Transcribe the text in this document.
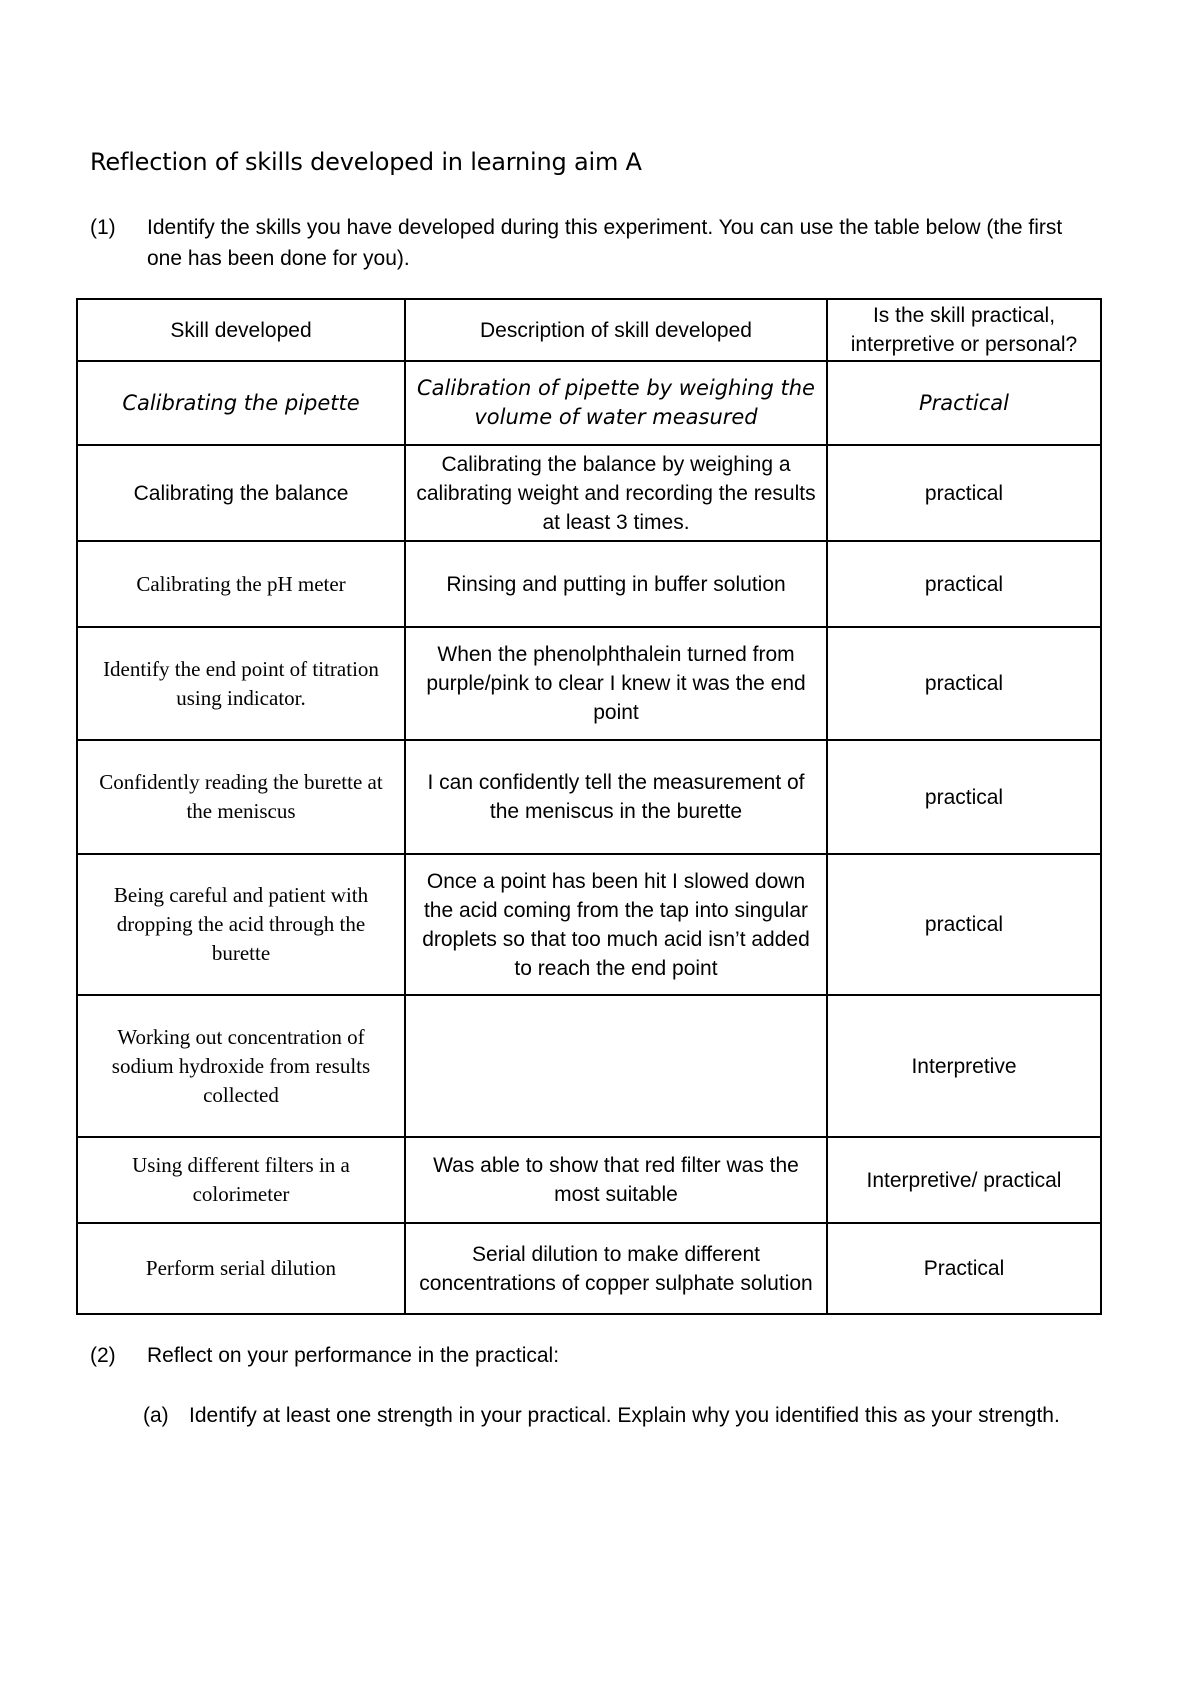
Reflection of skills developed in learning aim A
(1) Identify the skills you have developed during this experiment. You can use the table below (the first one has been done for you).
Skill developed	Description of skill developed	Is the skill practical, interpretive or personal?
Calibrating the pipette	Calibration of pipette by weighing the volume of water measured	Practical
Calibrating the balance	Calibrating the balance by weighing a calibrating weight and recording the results at least 3 times.	practical
Calibrating the pH meter	Rinsing and putting in buffer solution	practical
Identify the end point of titration using indicator.	When the phenolphthalein turned from purple/pink to clear I knew it was the end point	practical
Confidently reading the burette at the meniscus	I can confidently tell the measurement of the meniscus in the burette	practical
Being careful and patient with dropping the acid through the burette	Once a point has been hit I slowed down the acid coming from the tap into singular droplets so that too much acid isn’t added to reach the end point	practical
Working out concentration of sodium hydroxide from results collected		Interpretive
Using different filters in a colorimeter	Was able to show that red filter was the most suitable	Interpretive/ practical
Perform serial dilution	Serial dilution to make different concentrations of copper sulphate solution	Practical
(2) Reflect on your performance in the practical:
(a) Identify at least one strength in your practical. Explain why you identified this as your strength.
